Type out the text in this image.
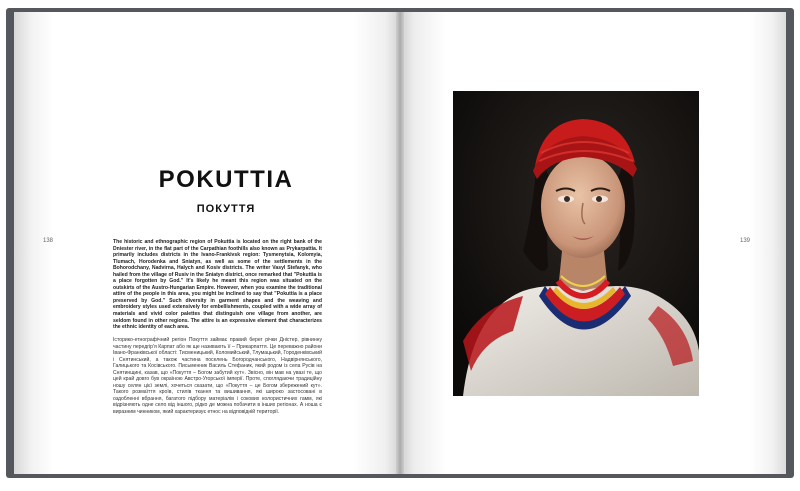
POKUTTIA
ПОКУТТЯ
138	139

The historic and ethnographic region of Pokuttia is located on the right bank of the Dniester river, in the flat part of the Carpathian foothills also known as Prykarpattia. It primarily includes districts in the Ivano-Frankivsk region: Tysmenytsia, Kolomyia, Tlumach, Horodenka and Sniatyn, as well as some of the settlements in the Bohorodchany, Nadvirna, Halych and Kosiv districts. The writer Vasyl Stefanyk, who hailed from the village of Rusiv in the Sniatyn district, once remarked that "Pokuttia is a place forgotten by God." It's likely he meant this region was situated on the outskirts of the Austro-Hungarian Empire. However, when you examine the traditional attire of the people in this area, you might be inclined to say that "Pokuttia is a place preserved by God." Such diversity in garment shapes and the weaving and embroidery styles used extensively for embellishments, coupled with a wide array of materials and vivid color palettes that distinguish one village from another, are seldom found in other regions. The attire is an expressive element that characterizes the ethnic identity of each area.

Історико-етнографічний регіон Покуття займає правий берег річки Дністер, рівнинну частину передгір'я Карпат або як ще називають її – Прикарпаття. Це переважно райони Івано-Франківської області: Тисменицький, Коломийський, Тлумацький, Городенківський і Снятинський, а також частина поселень Богородчанського, Надвірнянського, Галицького та Косівського. Письменник Василь Стефаник, який родом із села Русів на Снятинщині, казав, що «Покуття – Богом забутий кут». Звісно, він мав на увазі те, що цей край довго був окраїною Австро-Угорської імперії. Проте, споглядаючи традиційну ношу селян цієї землі, хочеться сказати, що «Покуття – це Богом збережений кут». Такого розмаїття кроїв, стилів ткання та вишивання, які широко застосовані в оздобленні вбрання, багатого підбору матеріалів і сокових колористичних гамм, які відрізняють одне село від іншого, рідко де можна побачити в інших регіонах. А ноша є виразним чинником, який характеризує етнос на відповідній території.
